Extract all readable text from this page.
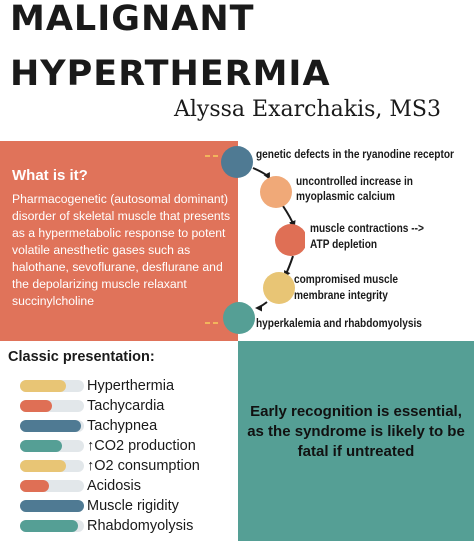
MALIGNANT
HYPERTHERMIA

Alyssa Exarchakis, MS3

What is it?

Pharmacogenetic (autosomal dominant) disorder of skeletal muscle that presents as a hypermetabolic response to potent volatile anesthetic gases such as halothane, sevoflurane, desflurane and the depolarizing muscle relaxant succinylcholine

genetic defects in the ryanodine receptor

uncontrolled increase in

myoplasmic calcium

muscle contractions -->

ATP depletion

compromised muscle

membrane integrity

hyperkalemia and rhabdomyolysis

Classic presentation:
Hyperthermia
Tachycardia
Tachypnea
↑CO2 production
↑O2 consumption
Acidosis
Muscle rigidity
Rhabdomyolysis

Early recognition is essential, as the syndrome is likely to be fatal if untreated
